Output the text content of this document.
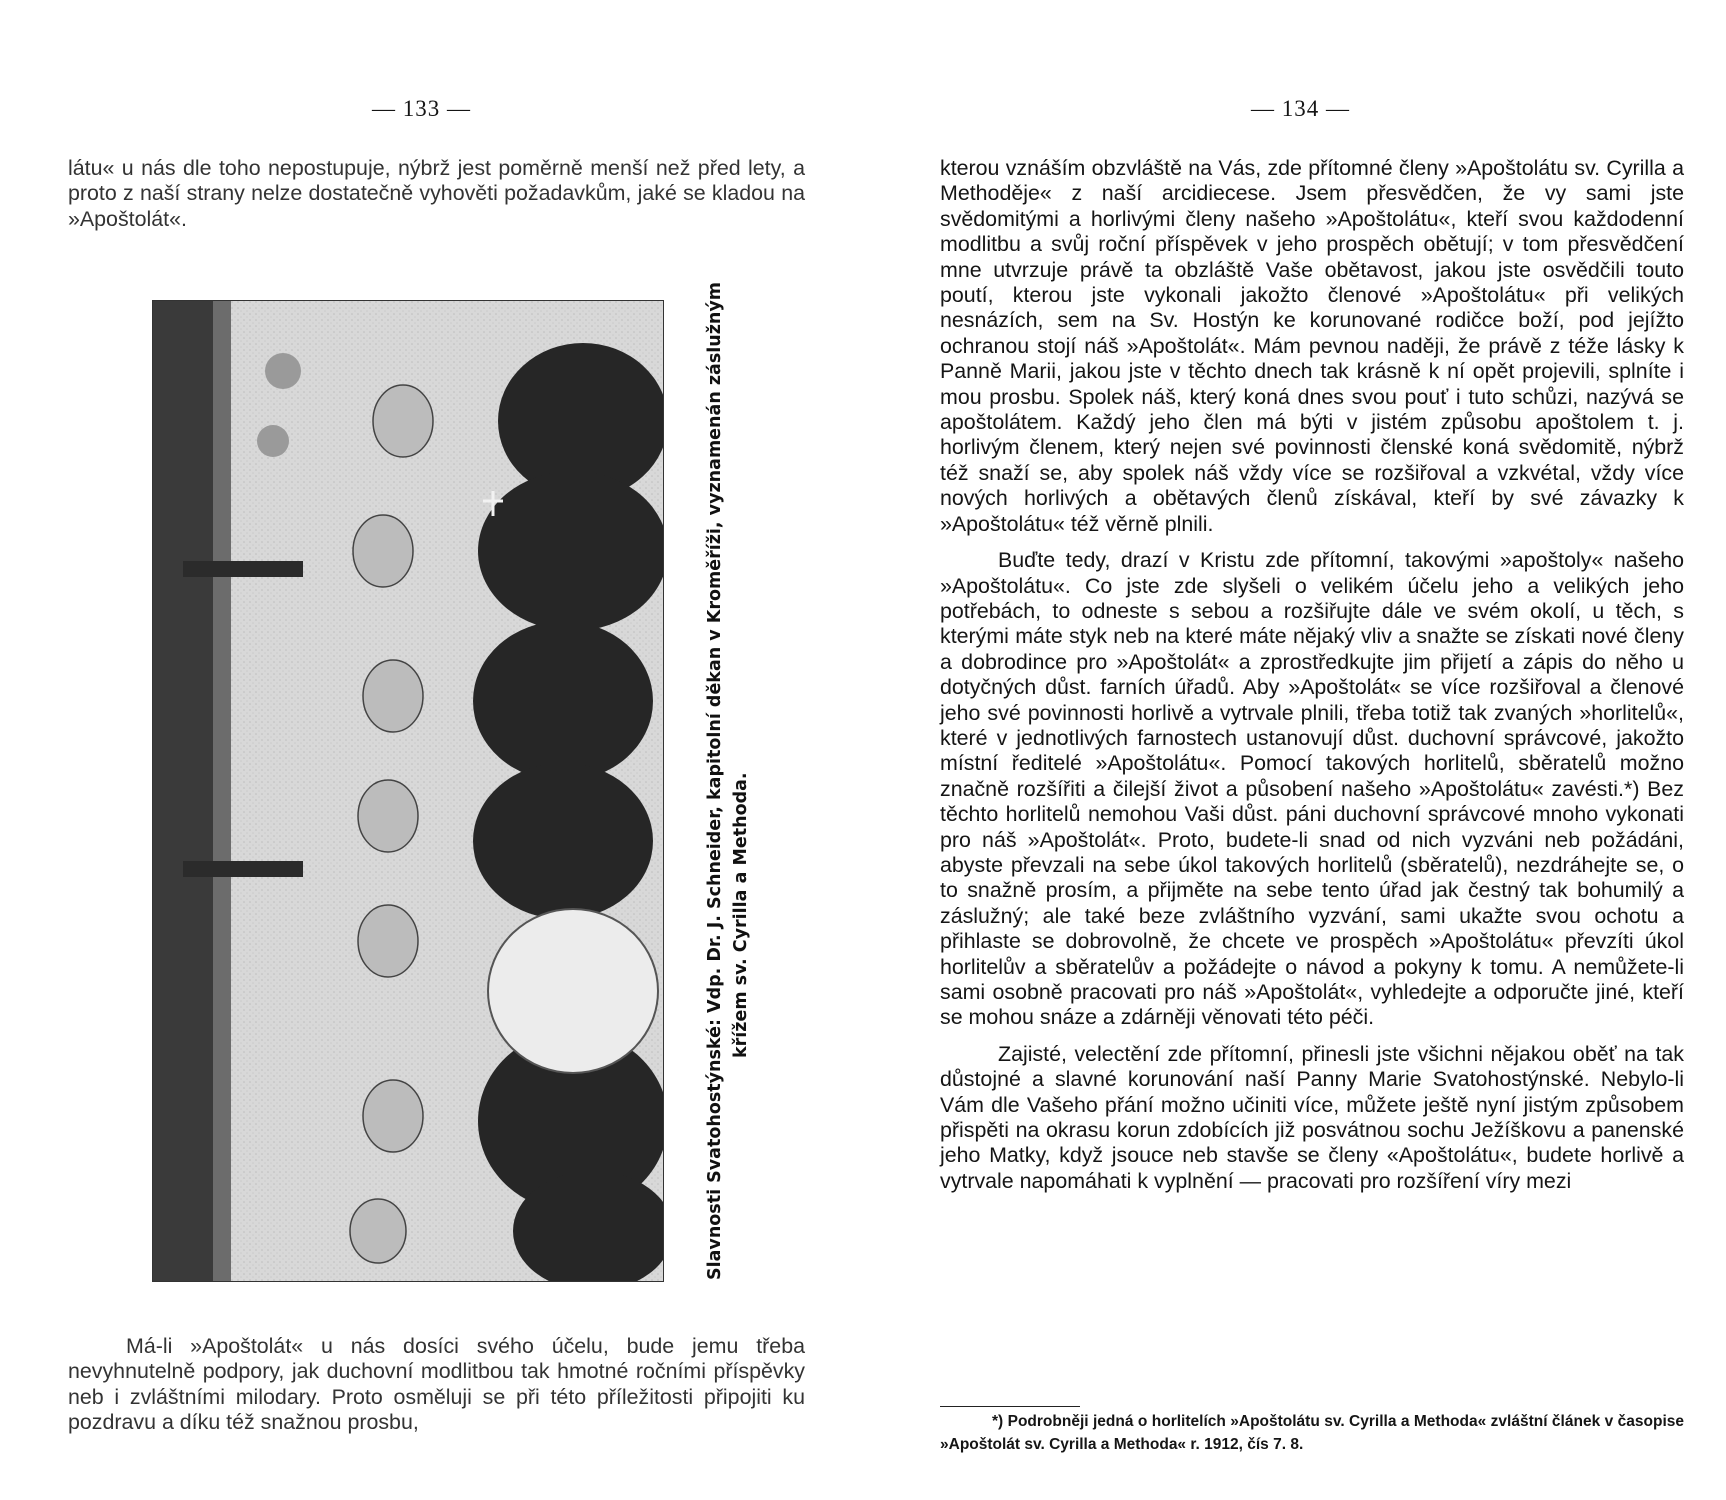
— 133 —
látu« u nás dle toho nepostupuje, nýbrž jest poměrně menší než před lety, a proto z naší strany nelze dostatečně vyhověti požadavkům, jaké se kladou na »Apoštolát«.
Slavnosti Svatohostýnské: Vdp. Dr. J. Schneider, kapitolní děkan v Kroměříži, vyznamenán záslužným křížem sv. Cyrilla a Methoda.

Má-li »Apoštolát« u nás dosíci svého účelu, bude jemu třeba nevyhnutelně podpory, jak duchovní modlitbou tak hmotné ročními příspěvky neb i zvláštními milodary. Proto osměluji se při této příležitosti připojiti ku pozdravu a díku též snažnou prosbu,

— 134 —

kterou vznáším obzvláště na Vás, zde přítomné členy »Apoštolátu sv. Cyrilla a Methoděje« z naší arcidiecese. Jsem přesvědčen, že vy sami jste svědomitými a horlivými členy našeho »Apoštolátu«, kteří svou každodenní modlitbu a svůj roční příspěvek v jeho prospěch obětují; v tom přesvědčení mne utvrzuje právě ta obzláště Vaše obětavost, jakou jste osvědčili touto poutí, kterou jste vykonali jakožto členové »Apoštolátu« při velikých nesnázích, sem na Sv. Hostýn ke korunované rodičce boží, pod jejížto ochranou stojí náš »Apoštolát«. Mám pevnou naději, že právě z téže lásky k Panně Marii, jakou jste v těchto dnech tak krásně k ní opět projevili, splníte i mou prosbu. Spolek náš, který koná dnes svou pouť i tuto schůzi, nazývá se apoštolátem. Každý jeho člen má býti v jistém způsobu apoštolem t. j. horlivým členem, který nejen své povinnosti členské koná svědomitě, nýbrž též snaží se, aby spolek náš vždy více se rozšiřoval a vzkvétal, vždy více nových horlivých a obětavých členů získával, kteří by své závazky k »Apoštolátu« též věrně plnili.

Buďte tedy, drazí v Kristu zde přítomní, takovými »apoštoly« našeho »Apoštolátu«. Co jste zde slyšeli o velikém účelu jeho a velikých jeho potřebách, to odneste s sebou a rozšiřujte dále ve svém okolí, u těch, s kterými máte styk neb na které máte nějaký vliv a snažte se získati nové členy a dobrodince pro »Apoštolát« a zprostředkujte jim přijetí a zápis do něho u dotyčných důst. farních úřadů. Aby »Apoštolát« se více rozšiřoval a členové jeho své povinnosti horlivě a vytrvale plnili, třeba totiž tak zvaných »horlitelů«, které v jednotlivých farnostech ustanovují důst. duchovní správcové, jakožto místní ředitelé »Apoštolátu«. Pomocí takových horlitelů, sběratelů možno značně rozšířiti a čilejší život a působení našeho »Apoštolátu« zavésti.*) Bez těchto horlitelů nemohou Vaši důst. páni duchovní správcové mnoho vykonati pro náš »Apoštolát«. Proto, budete-li snad od nich vyzváni neb požádáni, abyste převzali na sebe úkol takových horlitelů (sběratelů), nezdráhejte se, o to snažně prosím, a přijměte na sebe tento úřad jak čestný tak bohumilý a záslužný; ale také beze zvláštního vyzvání, sami ukažte svou ochotu a přihlaste se dobrovolně, že chcete ve prospěch »Apoštolátu« převzíti úkol horlitelův a sběratelův a požádejte o návod a pokyny k tomu. A nemůžete-li sami osobně pracovati pro náš »Apoštolát«, vyhledejte a odporučte jiné, kteří se mohou snáze a zdárněji věnovati této péči.

Zajisté, velectění zde přítomní, přinesli jste všichni nějakou oběť na tak důstojné a slavné korunování naší Panny Marie Svatohostýnské. Nebylo-li Vám dle Vašeho přání možno učiniti více, můžete ještě nyní jistým způsobem přispěti na okrasu korun zdobících již posvátnou sochu Ježíškovu a panenské jeho Matky, když jsouce neb stavše se členy «Apoštolátu«, budete horlivě a vytrvale napomáhati k vyplnění — pracovati pro rozšíření víry mezi

*) Podrobněji jedná o horlitelích »Apoštolátu sv. Cyrilla a Methoda« zvláštní článek v časopise »Apoštolát sv. Cyrilla a Methoda« r. 1912, čís 7. 8.
